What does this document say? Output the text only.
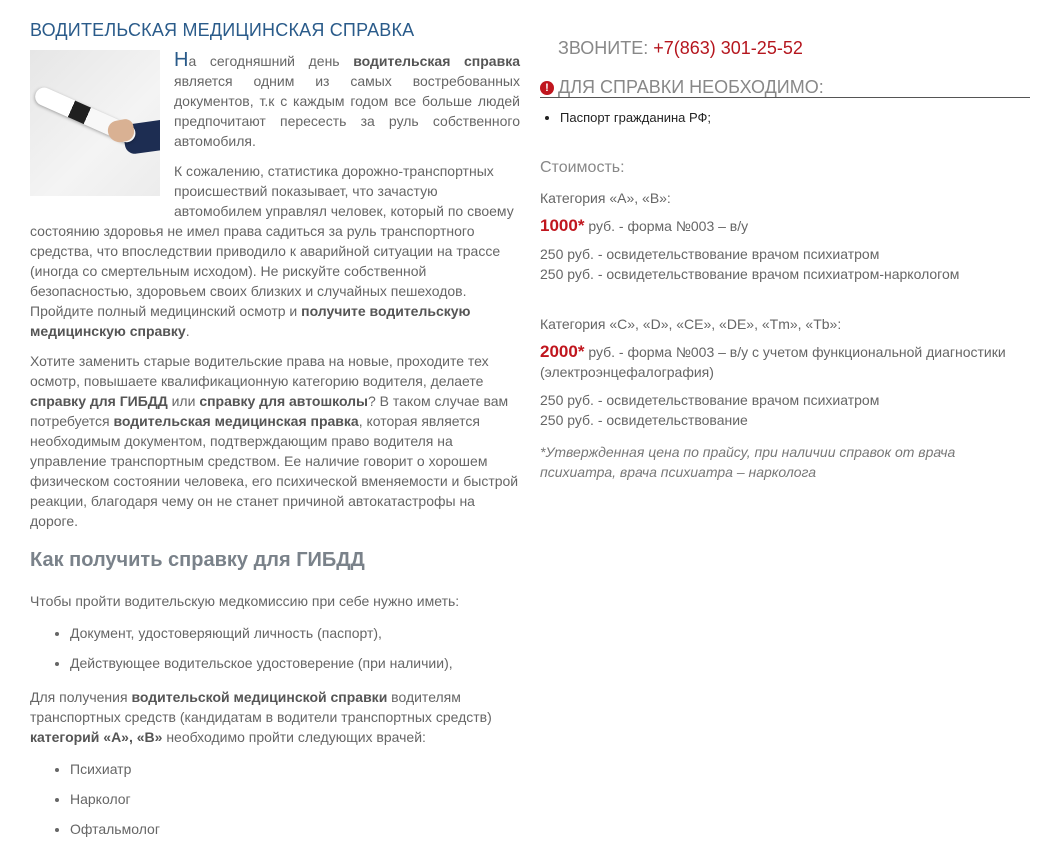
ВОДИТЕЛЬСКАЯ МЕДИЦИНСКАЯ СПРАВКА

На сегодняшний день водительская справка является одним из самых востребованных документов, т.к с каждым годом все больше людей предпочитают пересесть за руль собственного автомобиля.

К сожалению, статистика дорожно-транспортных происшествий показывает, что зачастую автомобилем управлял человек, который по своему состоянию здоровья не имел права садиться за руль транспортного средства, что впоследствии приводило к аварийной ситуации на трассе (иногда со смертельным исходом). Не рискуйте собственной безопасностью, здоровьем своих близких и случайных пешеходов. Пройдите полный медицинский осмотр и получите водительскую медицинскую справку.

Хотите заменить старые водительские права на новые, проходите тех осмотр, повышаете квалификационную категорию водителя, делаете справку для ГИБДД или справку для автошколы? В таком случае вам потребуется водительская медицинская правка, которая является необходимым документом, подтверждающим право водителя на управление транспортным средством. Ее наличие говорит о хорошем физическом состоянии человека, его психической вменяемости и быстрой реакции, благодаря чему он не станет причиной автокатастрофы на дороге.

Как получить справку для ГИБДД

Чтобы пройти водительскую медкомиссию при себе нужно иметь:

• Документ, удостоверяющий личность (паспорт),
• Действующее водительское удостоверение (при наличии),

Для получения водительской медицинской справки водителям транспортных средств (кандидатам в водители транспортных средств) категорий «А», «В» необходимо пройти следующих врачей:

• Психиатр
• Нарколог
• Офтальмолог
ЗВОНИТЕ: +7(863) 301-25-52
! ДЛЯ СПРАВКИ НЕОБХОДИМО:
• Паспорт гражданина РФ;
Стоимость:

Категория «А», «В»:

1000* руб. - форма №003 – в/у

250 руб. - освидетельствование врачом психиатром

250 руб. - освидетельствование врачом психиатром-наркологом

Категория «С», «D», «CE», «DE», «Tm», «Tb»:

2000* руб. - форма №003 – в/у с учетом функциональной диагностики (электроэнцефалография)

250 руб. - освидетельствование врачом психиатром

250 руб. - освидетельствование

*Утвержденная цена по прайсу, при наличии справок от врача психиатра, врача психиатра – нарколога
